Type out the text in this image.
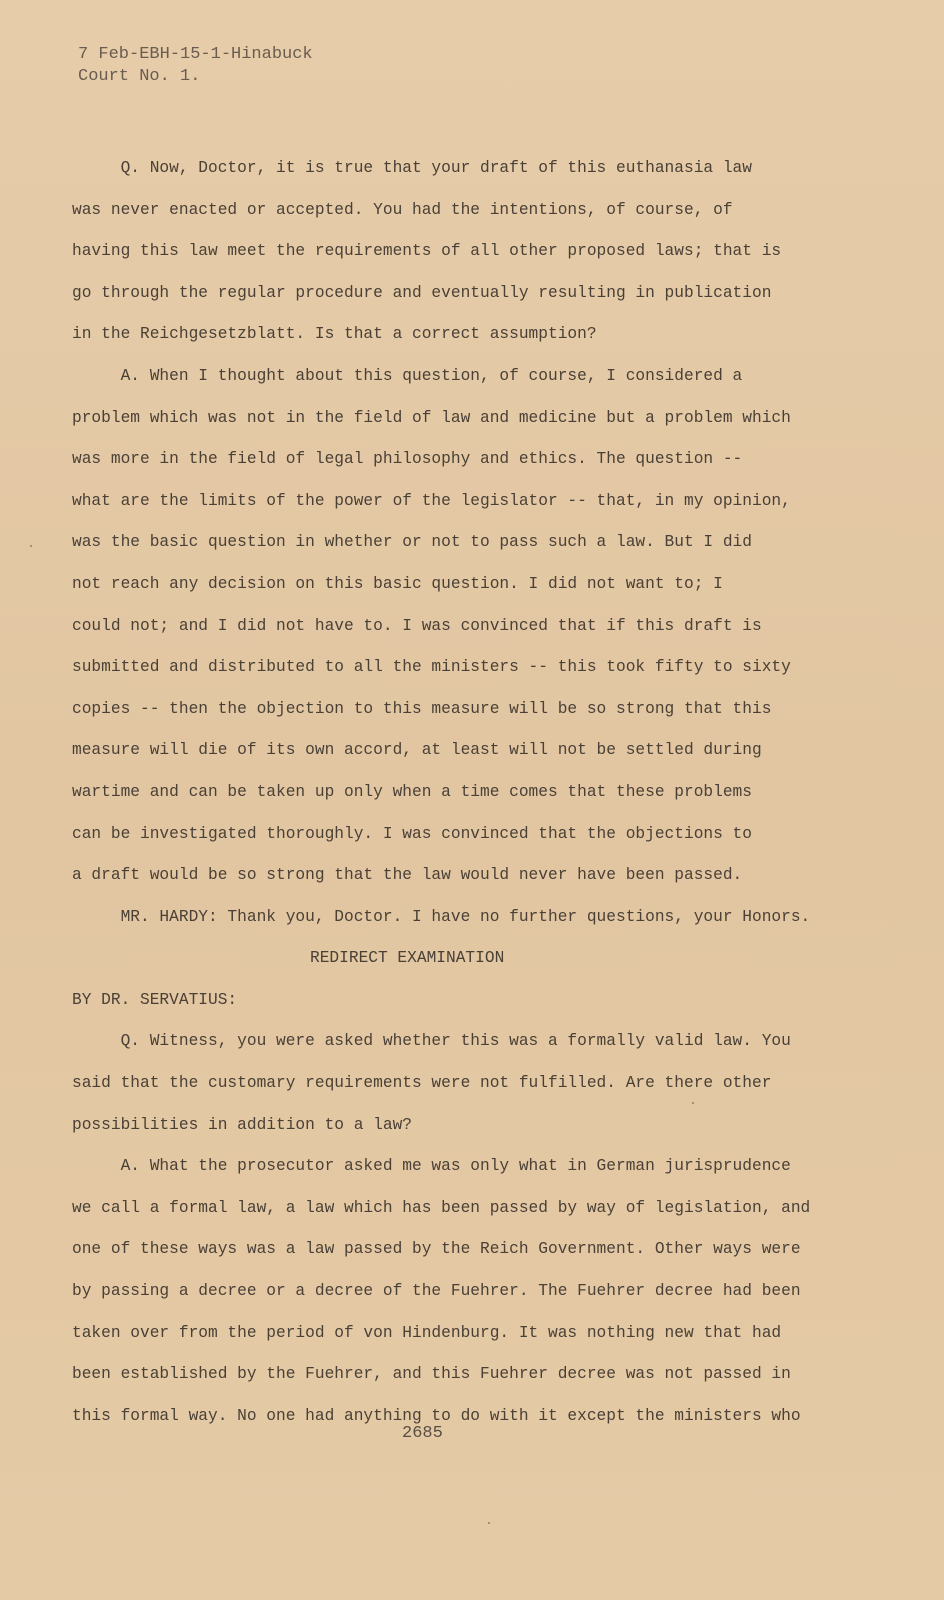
7 Feb-EBH-15-1-Hinabuck
Court No. 1.
Q. Now, Doctor, it is true that your draft of this euthanasia law
was never enacted or accepted. You had the intentions, of course, of
having this law meet the requirements of all other proposed laws; that is
go through the regular procedure and eventually resulting in publication
in the Reichgesetzblatt. Is that a correct assumption?
A. When I thought about this question, of course, I considered a
problem which was not in the field of law and medicine but a problem which
was more in the field of legal philosophy and ethics. The question --
what are the limits of the power of the legislator -- that, in my opinion,
was the basic question in whether or not to pass such a law. But I did
not reach any decision on this basic question. I did not want to; I
could not; and I did not have to. I was convinced that if this draft is
submitted and distributed to all the ministers -- this took fifty to sixty
copies -- then the objection to this measure will be so strong that this
measure will die of its own accord, at least will not be settled during
wartime and can be taken up only when a time comes that these problems
can be investigated thoroughly. I was convinced that the objections to
a draft would be so strong that the law would never have been passed.
MR. HARDY: Thank you, Doctor. I have no further questions, your Honors.
REDIRECT EXAMINATION
BY DR. SERVATIUS:
Q. Witness, you were asked whether this was a formally valid law. You
said that the customary requirements were not fulfilled. Are there other
possibilities in addition to a law?
A. What the prosecutor asked me was only what in German jurisprudence
we call a formal law, a law which has been passed by way of legislation, and
one of these ways was a law passed by the Reich Government. Other ways were
by passing a decree or a decree of the Fuehrer. The Fuehrer decree had been
taken over from the period of von Hindenburg. It was nothing new that had
been established by the Fuehrer, and this Fuehrer decree was not passed in
this formal way. No one had anything to do with it except the ministers who
2685
